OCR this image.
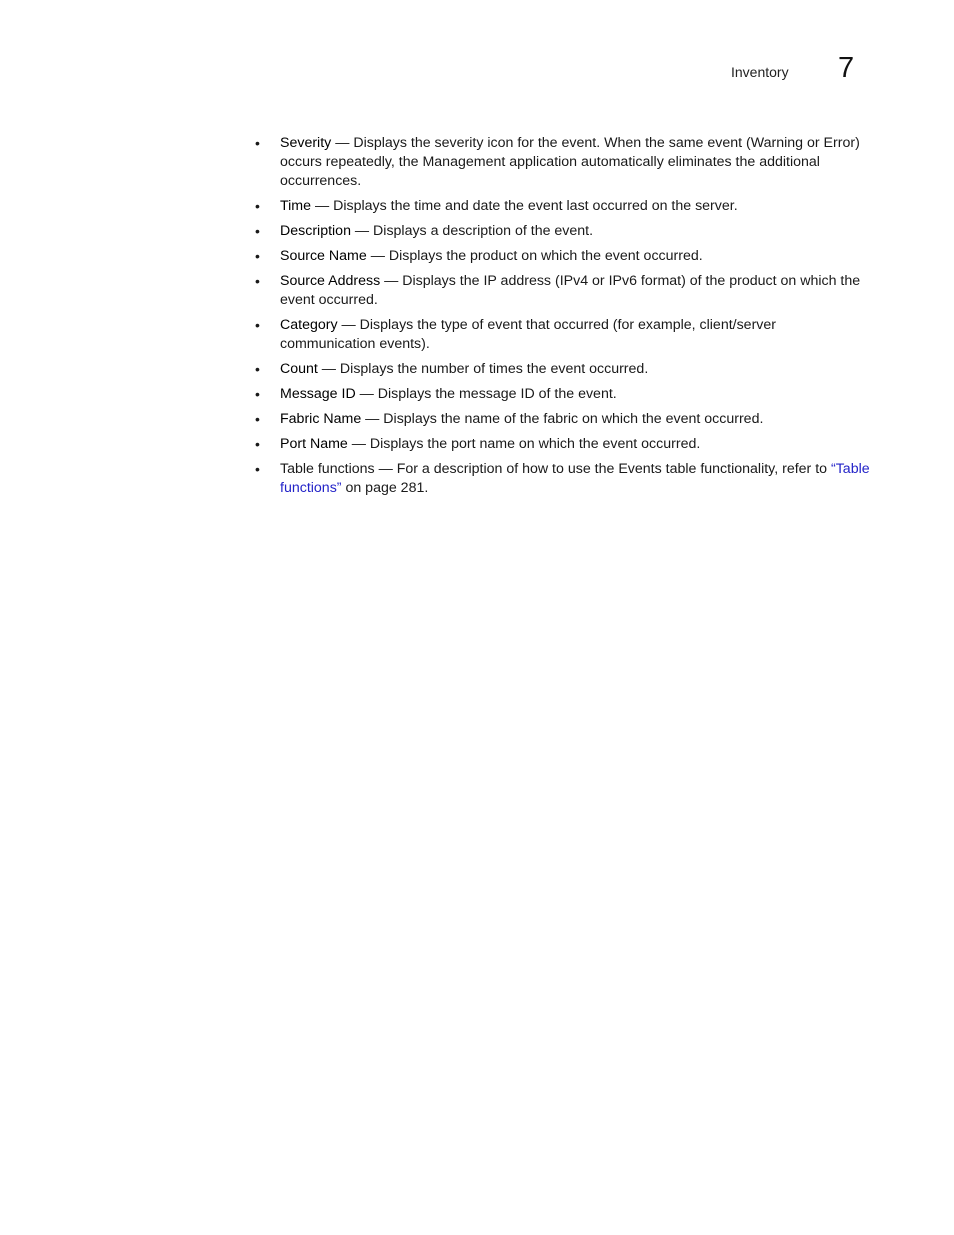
Inventory 7
• Severity — Displays the severity icon for the event. When the same event (Warning or Error) occurs repeatedly, the Management application automatically eliminates the additional occurrences.
• Time — Displays the time and date the event last occurred on the server.
• Description — Displays a description of the event.
• Source Name — Displays the product on which the event occurred.
• Source Address — Displays the IP address (IPv4 or IPv6 format) of the product on which the event occurred.
• Category — Displays the type of event that occurred (for example, client/server communication events).
• Count — Displays the number of times the event occurred.
• Message ID — Displays the message ID of the event.
• Fabric Name — Displays the name of the fabric on which the event occurred.
• Port Name — Displays the port name on which the event occurred.
• Table functions — For a description of how to use the Events table functionality, refer to “Table functions” on page 281.
